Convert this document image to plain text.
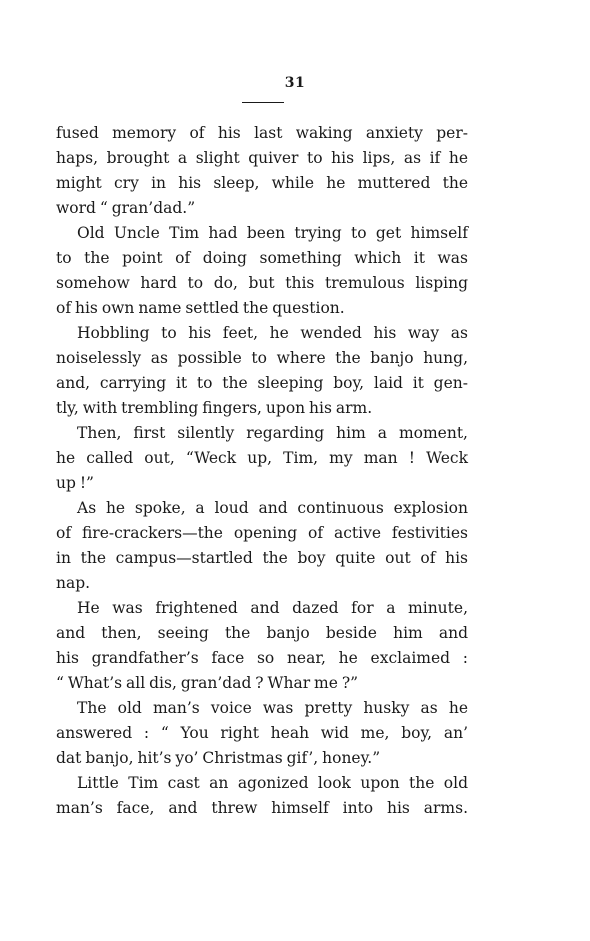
31
fused memory of his last waking anxiety per-
haps, brought a slight quiver to his lips, as if he
might cry in his sleep, while he muttered the
word “ gran’dad.”
Old Uncle Tim had been trying to get himself
to the point of doing something which it was
somehow hard to do, but this tremulous lisping
of his own name settled the question.
Hobbling to his feet, he wended his way as
noiselessly as possible to where the banjo hung,
and, carrying it to the sleeping boy, laid it gen-
tly, with trembling fingers, upon his arm.
Then, first silently regarding him a moment,
he called out, “Weck up, Tim, my man ! Weck
up !”
As he spoke, a loud and continuous explosion
of fire-crackers—the opening of active festivities
in the campus—startled the boy quite out of his
nap.
He was frightened and dazed for a minute,
and then, seeing the banjo beside him and
his grandfather’s face so near, he exclaimed :
“ What’s all dis, gran’dad ? Whar me ?”
The old man’s voice was pretty husky as he
answered : “ You right heah wid me, boy, an’
dat banjo, hit’s yo’ Christmas gif’, honey.”
Little Tim cast an agonized look upon the old
man’s face, and threw himself into his arms.
